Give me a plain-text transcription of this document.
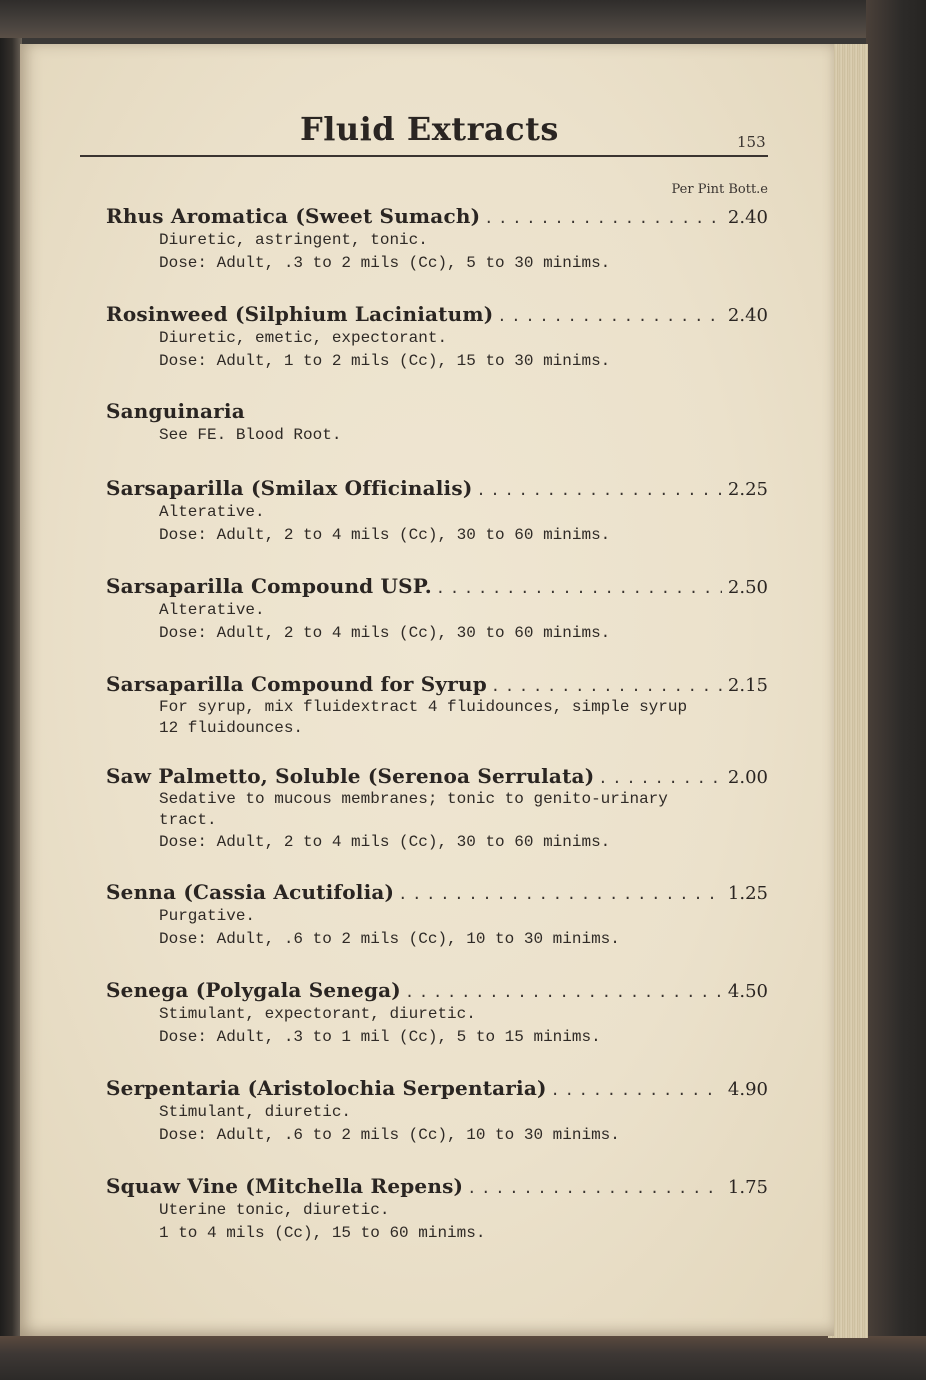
Fluid Extracts	153
Per Pint Bott.e
Rhus Aromatica (Sweet Sumach) . . .	2.40
Diuretic, astringent, tonic.
Dose: Adult, .3 to 2 mils (Cc), 5 to 30 minims.
Rosinweed (Silphium Laciniatum) . . .	2.40
Diuretic, emetic, expectorant.
Dose: Adult, 1 to 2 mils (Cc), 15 to 30 minims.
Sanguinaria
See FE. Blood Root.
Sarsaparilla (Smilax Officinalis) . . .	2.25
Alterative.
Dose: Adult, 2 to 4 mils (Cc), 30 to 60 minims.
Sarsaparilla Compound USP. . . .	2.50
Alterative.
Dose: Adult, 2 to 4 mils (Cc), 30 to 60 minims.
Sarsaparilla Compound for Syrup . . .	2.15
For syrup, mix fluidextract 4 fluidounces, simple syrup 12 fluidounces.
Saw Palmetto, Soluble (Serenoa Serrulata) . . .	2.00
Sedative to mucous membranes; tonic to genito-urinary tract.
Dose: Adult, 2 to 4 mils (Cc), 30 to 60 minims.
Senna (Cassia Acutifolia) . . .	1.25
Purgative.
Dose: Adult, .6 to 2 mils (Cc), 10 to 30 minims.
Senega (Polygala Senega) . . .	4.50
Stimulant, expectorant, diuretic.
Dose: Adult, .3 to 1 mil (Cc), 5 to 15 minims.
Serpentaria (Aristolochia Serpentaria) . . .	4.90
Stimulant, diuretic.
Dose: Adult, .6 to 2 mils (Cc), 10 to 30 minims.
Squaw Vine (Mitchella Repens) . . .	1.75
Uterine tonic, diuretic.
1 to 4 mils (Cc), 15 to 60 minims.
